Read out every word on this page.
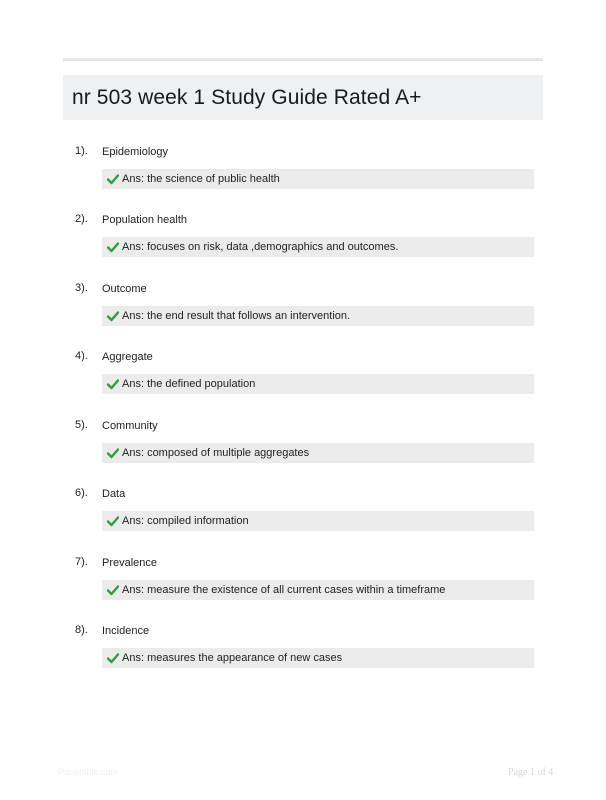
nr 503 week 1 Study Guide Rated A+
1). Epidemiology
Ans: the science of public health
2). Population health
Ans: focuses on risk, data ,demographics and outcomes.
3). Outcome
Ans: the end result that follows an intervention.
4). Aggregate
Ans: the defined population
5). Community
Ans: composed of multiple aggregates
6). Data
Ans: compiled information
7). Prevalence
Ans: measure the existence of all current cases within a timeframe
8). Incidence
Ans: measures the appearance of new cases
Papertible.com	Page 1 of 4
